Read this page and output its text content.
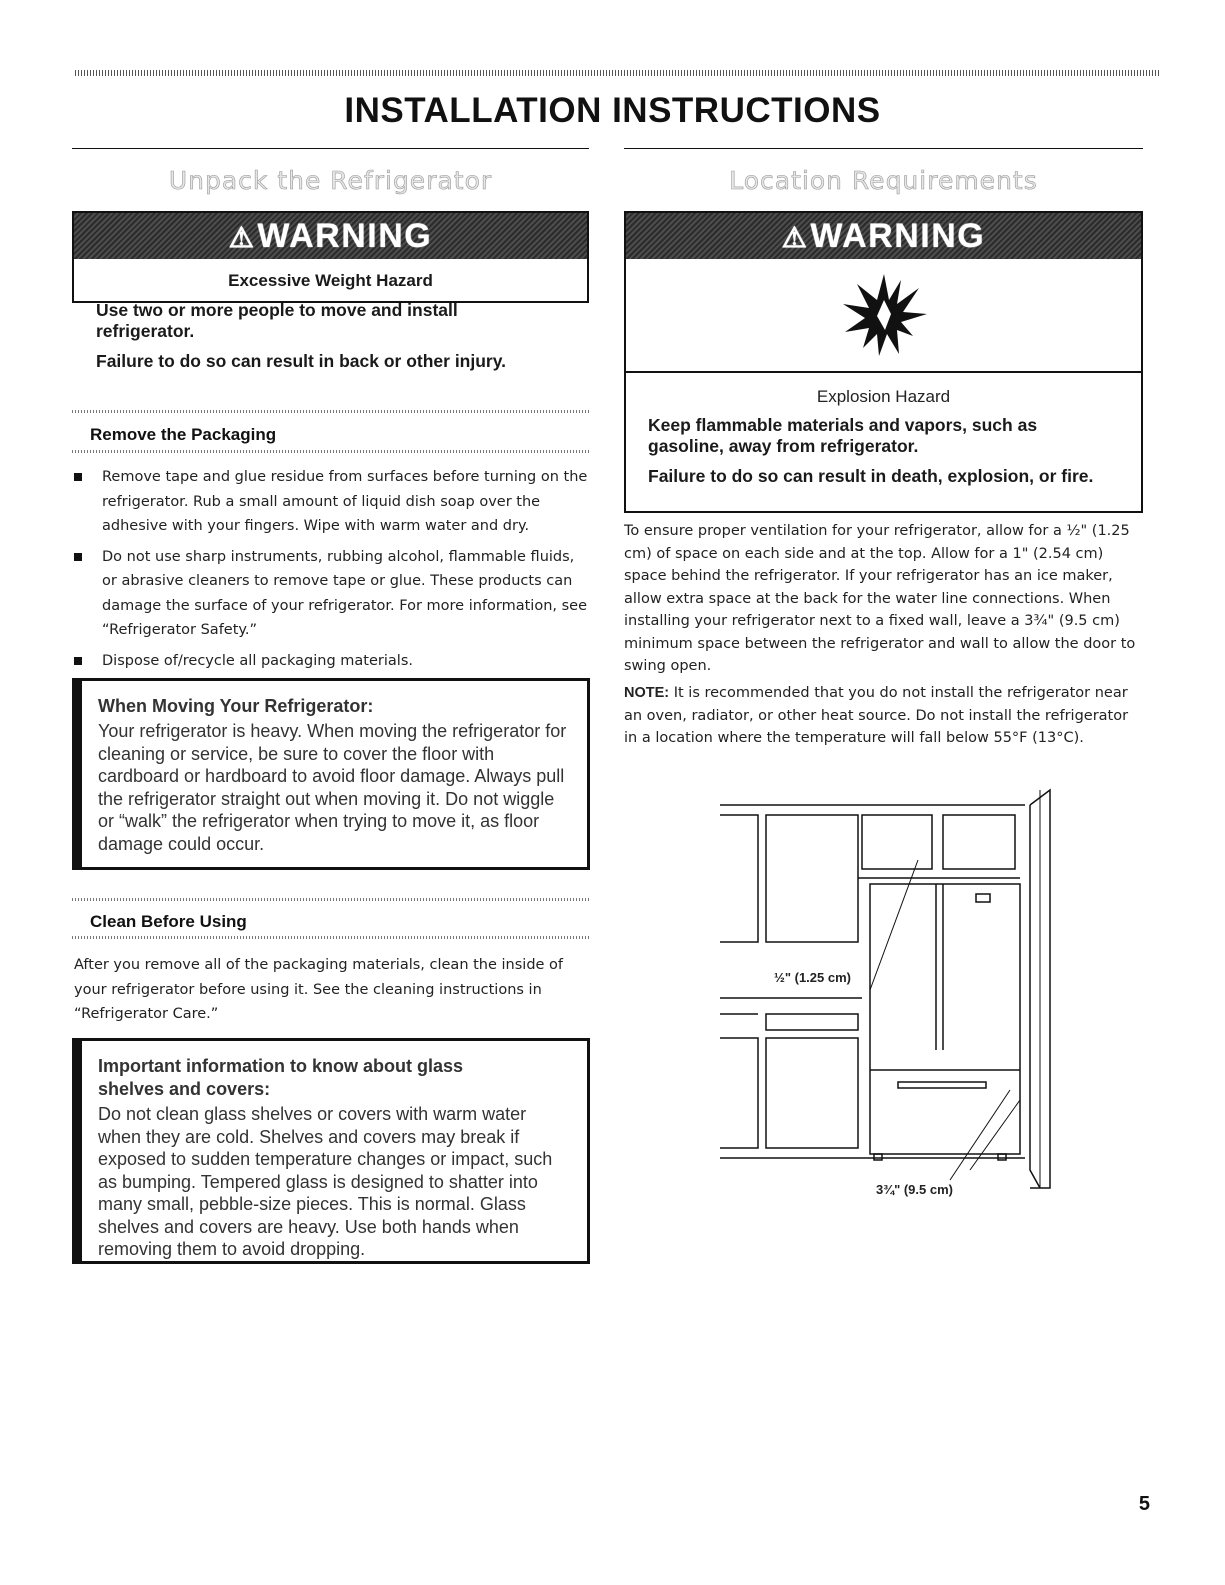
INSTALLATION INSTRUCTIONS
Unpack the Refrigerator	Location Requirements
⚠WARNING
Excessive Weight Hazard
Use two or more people to move and install refrigerator.
Failure to do so can result in back or other injury.
Remove the Packaging
Remove tape and glue residue from surfaces before turning on the refrigerator. Rub a small amount of liquid dish soap over the adhesive with your fingers. Wipe with warm water and dry.
Do not use sharp instruments, rubbing alcohol, flammable fluids, or abrasive cleaners to remove tape or glue. These products can damage the surface of your refrigerator. For more information, see “Refrigerator Safety.”
Dispose of/recycle all packaging materials.
When Moving Your Refrigerator:
Your refrigerator is heavy. When moving the refrigerator for cleaning or service, be sure to cover the floor with cardboard or hardboard to avoid floor damage. Always pull the refrigerator straight out when moving it. Do not wiggle or “walk” the refrigerator when trying to move it, as floor damage could occur.
Clean Before Using
After you remove all of the packaging materials, clean the inside of your refrigerator before using it. See the cleaning instructions in “Refrigerator Care.”
Important information to know about glass shelves and covers:
Do not clean glass shelves or covers with warm water when they are cold. Shelves and covers may break if exposed to sudden temperature changes or impact, such as bumping. Tempered glass is designed to shatter into many small, pebble-size pieces. This is normal. Glass shelves and covers are heavy. Use both hands when removing them to avoid dropping.
⚠WARNING
Explosion Hazard
Keep flammable materials and vapors, such as gasoline, away from refrigerator.
Failure to do so can result in death, explosion, or fire.
To ensure proper ventilation for your refrigerator, allow for a ½" (1.25 cm) of space on each side and at the top. Allow for a 1" (2.54 cm) space behind the refrigerator. If your refrigerator has an ice maker, allow extra space at the back for the water line connections. When installing your refrigerator next to a fixed wall, leave a 3¾" (9.5 cm) minimum space between the refrigerator and wall to allow the door to swing open.
NOTE: It is recommended that you do not install the refrigerator near an oven, radiator, or other heat source. Do not install the refrigerator in a location where the temperature will fall below 55°F (13°C).
½" (1.25 cm)
3¾" (9.5 cm)
5
